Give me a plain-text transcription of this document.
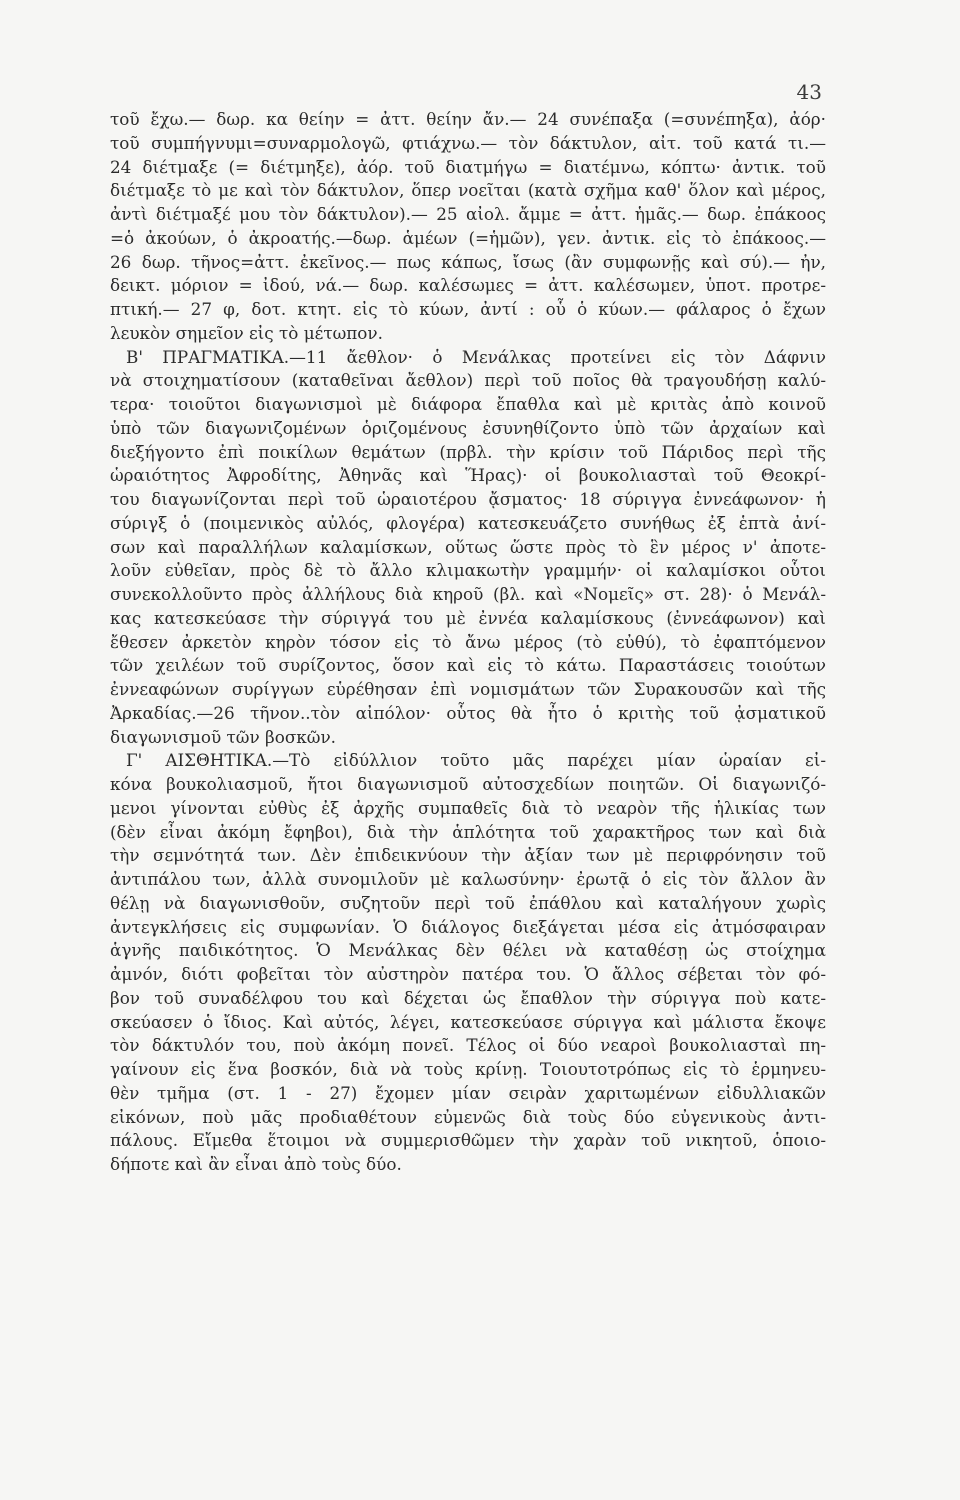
43
τοῦ ἔχω.— δωρ. κα θείην = ἀττ. θείην ἄν.— 24 συνέπαξα (=συνέπηξα), ἀόρ·
τοῦ συμπήγνυμι=συναρμολογῶ, φτιάχνω.— τὸν δάκτυλον, αἰτ. τοῦ κατά τι.—
24 διέτμαξε (= διέτμηξε), ἀόρ. τοῦ διατμήγω = διατέμνω, κόπτω· ἀντικ. τοῦ
διέτμαξε τὸ με καὶ τὸν δάκτυλον, ὅπερ νοεῖται (κατὰ σχῆμα καθ' ὅλον καὶ μέρος,
ἀντὶ διέτμαξέ μου τὸν δάκτυλον).— 25 αἰολ. ἄμμε = ἀττ. ἡμᾶς.— δωρ. ἐπάκοος
=ὁ ἀκούων, ὁ ἀκροατής.—δωρ. ἁμέων (=ἡμῶν), γεν. ἀντικ. εἰς τὸ ἐπάκοος.—
26 δωρ. τῆνος=ἀττ. ἐκεῖνος.— πως κάπως, ἴσως (ἂν συμφωνῇς καὶ σύ).— ἠν,
δεικτ. μόριον = ἰδού, νά.— δωρ. καλέσωμες = ἀττ. καλέσωμεν, ὑποτ. προτρε-
πτική.— 27 φ, δοτ. κτητ. εἰς τὸ κύων, ἀντί : οὗ ὁ κύων.— φάλαρος ὁ ἔχων
λευκὸν σημεῖον εἰς τὸ μέτωπον.
Β' ΠΡΑΓΜΑΤΙΚΑ.—11 ἄεθλον· ὁ Μενάλκας προτείνει εἰς τὸν Δάφνιν
νὰ στοιχηματίσουν (καταθεῖναι ἄεθλον) περὶ τοῦ ποῖος θὰ τραγουδήσῃ καλύ-
τερα· τοιοῦτοι διαγωνισμοὶ μὲ διάφορα ἔπαθλα καὶ μὲ κριτὰς ἀπὸ κοινοῦ
ὑπὸ τῶν διαγωνιζομένων ὁριζομένους ἐσυνηθίζοντο ὑπὸ τῶν ἀρχαίων καὶ
διεξήγοντο ἐπὶ ποικίλων θεμάτων (πρβλ. τὴν κρίσιν τοῦ Πάριδος περὶ τῆς
ὡραιότητος Ἀφροδίτης, Ἀθηνᾶς καὶ Ἥρας)· οἱ βουκολιασταὶ τοῦ Θεοκρί-
του διαγωνίζονται περὶ τοῦ ὡραιοτέρου ᾄσματος· 18 σύριγγα ἐννεάφωνον· ἡ
σύριγξ ὁ (ποιμενικὸς αὐλός, φλογέρα) κατεσκευάζετο συνήθως ἐξ ἑπτὰ ἀνί-
σων καὶ παραλλήλων καλαμίσκων, οὕτως ὥστε πρὸς τὸ ἓν μέρος ν' ἀποτε-
λοῦν εὐθεῖαν, πρὸς δὲ τὸ ἄλλο κλιμακωτὴν γραμμήν· οἱ καλαμίσκοι οὗτοι
συνεκολλοῦντο πρὸς ἀλλήλους διὰ κηροῦ (βλ. καὶ «Νομεῖς» στ. 28)· ὁ Μενάλ-
κας κατεσκεύασε τὴν σύριγγά του μὲ ἐννέα καλαμίσκους (ἐννεάφωνον) καὶ
ἔθεσεν ἀρκετὸν κηρὸν τόσον εἰς τὸ ἄνω μέρος (τὸ εὐθύ), τὸ ἐφαπτόμενον
τῶν χειλέων τοῦ συρίζοντος, ὅσον καὶ εἰς τὸ κάτω. Παραστάσεις τοιούτων
ἐννεαφώνων συρίγγων εὑρέθησαν ἐπὶ νομισμάτων τῶν Συρακουσῶν καὶ τῆς
Ἀρκαδίας.—26 τῆνον..τὸν αἰπόλον· οὗτος θὰ ἦτο ὁ κριτὴς τοῦ ᾀσματικοῦ
διαγωνισμοῦ τῶν βοσκῶν.
Γ' ΑΙΣΘΗΤΙΚΑ.—Τὸ εἰδύλλιον τοῦτο μᾶς παρέχει μίαν ὡραίαν εἰ-
κόνα βουκολιασμοῦ, ἤτοι διαγωνισμοῦ αὐτοσχεδίων ποιητῶν. Οἱ διαγωνιζό-
μενοι γίνονται εὐθὺς ἐξ ἀρχῆς συμπαθεῖς διὰ τὸ νεαρὸν τῆς ἡλικίας των
(δὲν εἶναι ἀκόμη ἔφηβοι), διὰ τὴν ἁπλότητα τοῦ χαρακτῆρος των καὶ διὰ
τὴν σεμνότητά των. Δὲν ἐπιδεικνύουν τὴν ἀξίαν των μὲ περιφρόνησιν τοῦ
ἀντιπάλου των, ἀλλὰ συνομιλοῦν μὲ καλωσύνην· ἐρωτᾷ ὁ εἰς τὸν ἄλλον ἂν
θέλῃ νὰ διαγωνισθοῦν, συζητοῦν περὶ τοῦ ἐπάθλου καὶ καταλήγουν χωρὶς
ἀντεγκλήσεις εἰς συμφωνίαν. Ὁ διάλογος διεξάγεται μέσα εἰς ἀτμόσφαιραν
ἁγνῆς παιδικότητος. Ὁ Μενάλκας δὲν θέλει νὰ καταθέσῃ ὡς στοίχημα
ἀμνόν, διότι φοβεῖται τὸν αὐστηρὸν πατέρα του. Ὁ ἄλλος σέβεται τὸν φό-
βον τοῦ συναδέλφου του καὶ δέχεται ὡς ἔπαθλον τὴν σύριγγα ποὺ κατε-
σκεύασεν ὁ ἴδιος. Καὶ αὐτός, λέγει, κατεσκεύασε σύριγγα καὶ μάλιστα ἔκοψε
τὸν δάκτυλόν του, ποὺ ἀκόμη πονεῖ. Τέλος οἱ δύο νεαροὶ βουκολιασταὶ πη-
γαίνουν εἰς ἕνα βοσκόν, διὰ νὰ τοὺς κρίνῃ. Τοιουτοτρόπως εἰς τὸ ἑρμηνευ-
θὲν τμῆμα (στ. 1 - 27) ἔχομεν μίαν σειρὰν χαριτωμένων εἰδυλλιακῶν
εἰκόνων, ποὺ μᾶς προδιαθέτουν εὐμενῶς διὰ τοὺς δύο εὐγενικοὺς ἀντι-
πάλους. Εἴμεθα ἕτοιμοι νὰ συμμερισθῶμεν τὴν χαρὰν τοῦ νικητοῦ, ὁποιο-
δήποτε καὶ ἂν εἶναι ἀπὸ τοὺς δύο.
